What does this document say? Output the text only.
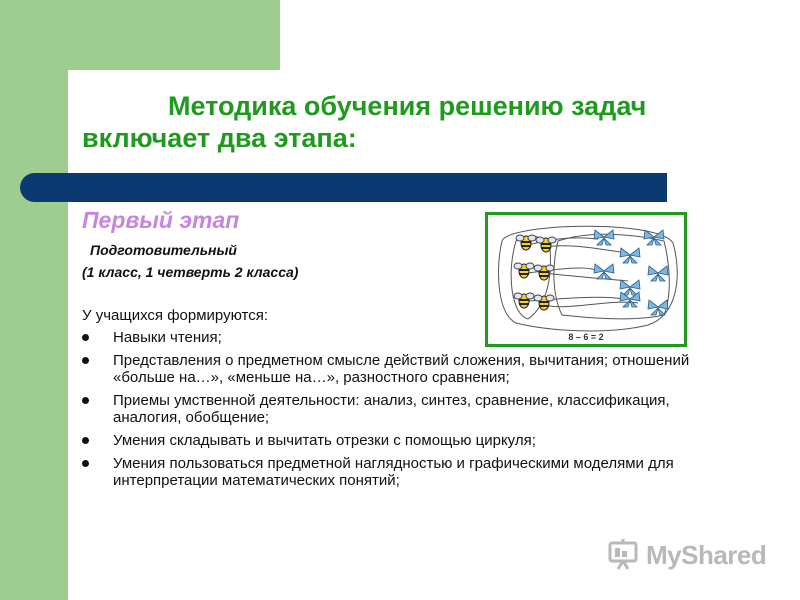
Методика обучения решению задач
включает два этапа:
Первый этап
Подготовительный
(1 класс, 1 четверть 2 класса)
8 – 6 = 2
У учащихся формируются:
Навыки чтения;
Представления о предметном смысле действий сложения, вычитания; отношений «больше на…», «меньше на…», разностного сравнения;
Приемы умственной деятельности: анализ, синтез, сравнение, классификация, аналогия, обобщение;
Умения складывать и вычитать отрезки с помощью циркуля;
Умения пользоваться предметной наглядностью и графическими моделями для интерпретации математических понятий;
MyShared
